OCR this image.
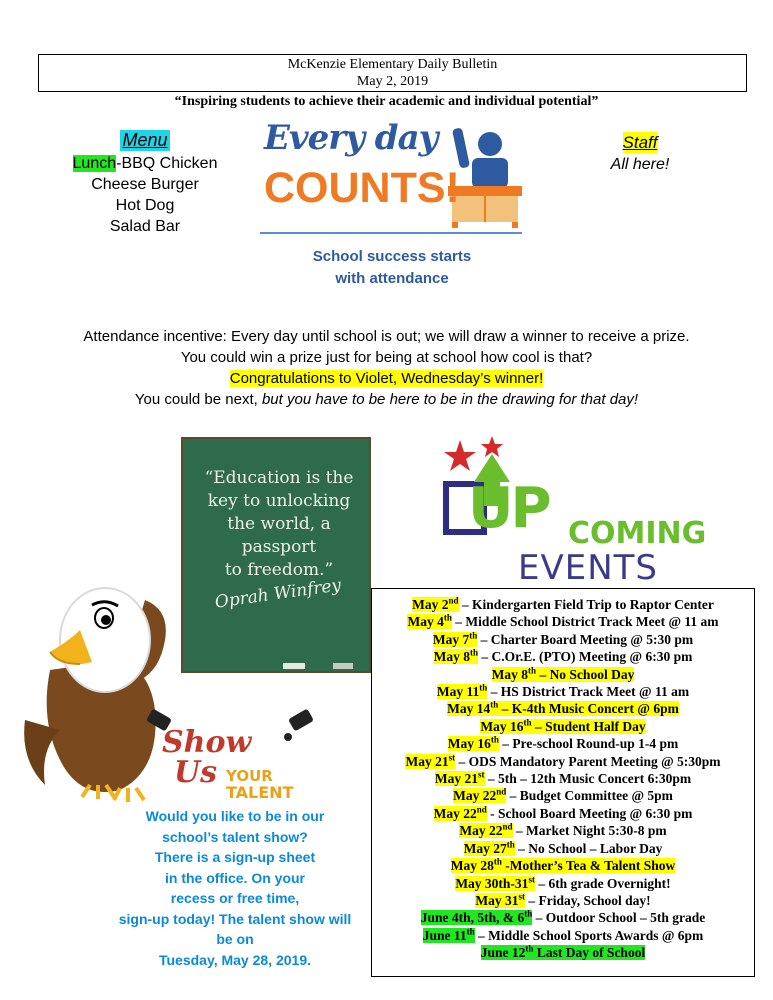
McKenzie Elementary Daily Bulletin
May 2, 2019
“Inspiring students to achieve their academic and individual potential”
Menu
Lunch-BBQ Chicken
Cheese Burger
Hot Dog
Salad Bar
Every day
COUNTS!
School success starts
with attendance
Staff
All here!
Attendance incentive: Every day until school is out; we will draw a winner to receive a prize.
You could win a prize just for being at school how cool is that?
Congratulations to Violet, Wednesday’s winner!
You could be next, but you have to be here to be in the drawing for that day!
“Education is the
key to unlocking
the world, a passport
to freedom.”
Oprah Winfrey
UP COMING
EVENTS
Show
Us YOUR
TALENT
Would you like to be in our
school’s talent show?
There is a sign-up sheet
in the office. On your
recess or free time,
sign-up today! The talent show will be on
Tuesday, May 28, 2019.
May 2nd – Kindergarten Field Trip to Raptor Center
May 4th – Middle School District Track Meet @ 11 am
May 7th – Charter Board Meeting @ 5:30 pm
May 8th – C.Or.E. (PTO) Meeting @ 6:30 pm
May 8th – No School Day
May 11th – HS District Track Meet @ 11 am
May 14th – K-4th Music Concert @ 6pm
May 16th – Student Half Day
May 16th – Pre-school Round-up 1-4 pm
May 21st – ODS Mandatory Parent Meeting @ 5:30pm
May 21st – 5th – 12th Music Concert 6:30pm
May 22nd – Budget Committee @ 5pm
May 22nd - School Board Meeting @ 6:30 pm
May 22nd – Market Night 5:30-8 pm
May 27th – No School – Labor Day
May 28th -Mother’s Tea & Talent Show
May 30th-31st – 6th grade Overnight!
May 31st – Friday, School day!
June 4th, 5th, & 6th – Outdoor School – 5th grade
June 11th – Middle School Sports Awards @ 6pm
June 12th Last Day of School
